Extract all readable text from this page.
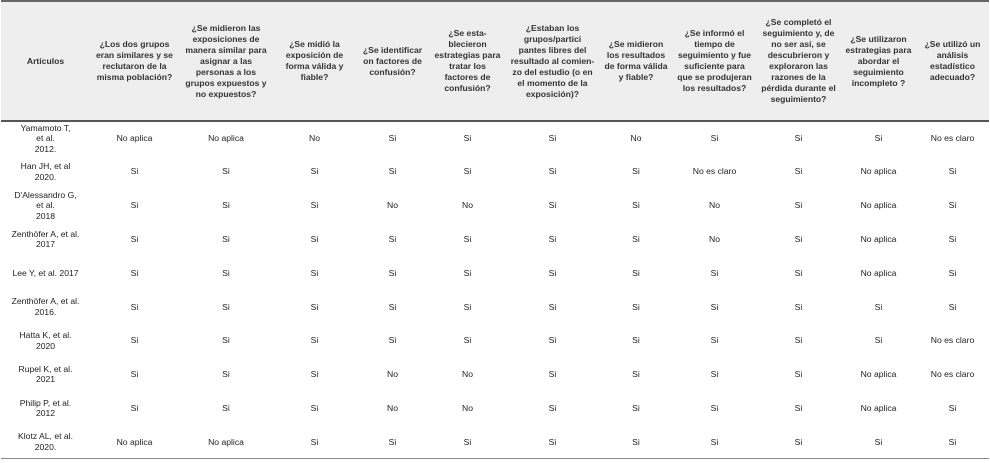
Artículos	¿Los dos grupos eran similares y se reclutaron de la misma población?	¿Se midieron las exposiciones de manera similar para asignar a las personas a los grupos expuestos y no expuestos?	¿Se midió la exposición de forma válida y fiable?	¿Se identificar on factores de confusión?	¿Se esta-blecieron estrategias para tratar los factores de confusión?	¿Estaban los grupos/partici pantes libres del resultado al comien-zo del estudio (o en el momento de la exposición)?	¿Se midieron los resultados de forma válida y fiable?	¿Se informó el tiempo de seguimiento y fue suficiente para que se produjeran los resultados?	¿Se completó el seguimiento y, de no ser así, se descubrieron y exploraron las razones de la pérdida durante el seguimiento?	¿Se utilizaron estrategias para abordar el seguimiento incompleto ?	¿Se utilizó un análisis estadístico adecuado?
Yamamoto T,
et al.
2012.	No aplica	No aplica	No	Si	Si	Si	No	Si	Si	Si	No es claro
Han JH, et al
2020.	Si	Si	Si	Si	Si	Si	Si	No es claro	Si	No aplica	Si
D'Alessandro G,
et al.
2018	Si	Si	Si	No	No	Si	Si	No	Si	No aplica	Si
Zenthöfer A, et al.
2017	Si	Si	Si	Si	Si	Si	Si	No	Si	No aplica	Si
Lee Y, et al. 2017	Si	Si	Si	Si	Si	Si	Si	Si	Si	No aplica	Si
Zenthöfer A, et al.
2016.	Si	Si	Si	Si	Si	Si	Si	Si	Si	Si	Si
Hatta K, et al.
2020	Si	Si	Si	Si	Si	Si	Si	Si	Si	Si	No es claro
Rupel K, et al.
2021	Si	Si	Si	No	No	Si	Si	Si	Si	No aplica	No es claro
Philip P, et al.
2012	Si	Si	Si	No	No	Si	Si	Si	Si	No aplica	Si
Klotz AL, et al.
2020.	No aplica	No aplica	Si	Si	Si	Si	Si	Si	Si	Si	Si
